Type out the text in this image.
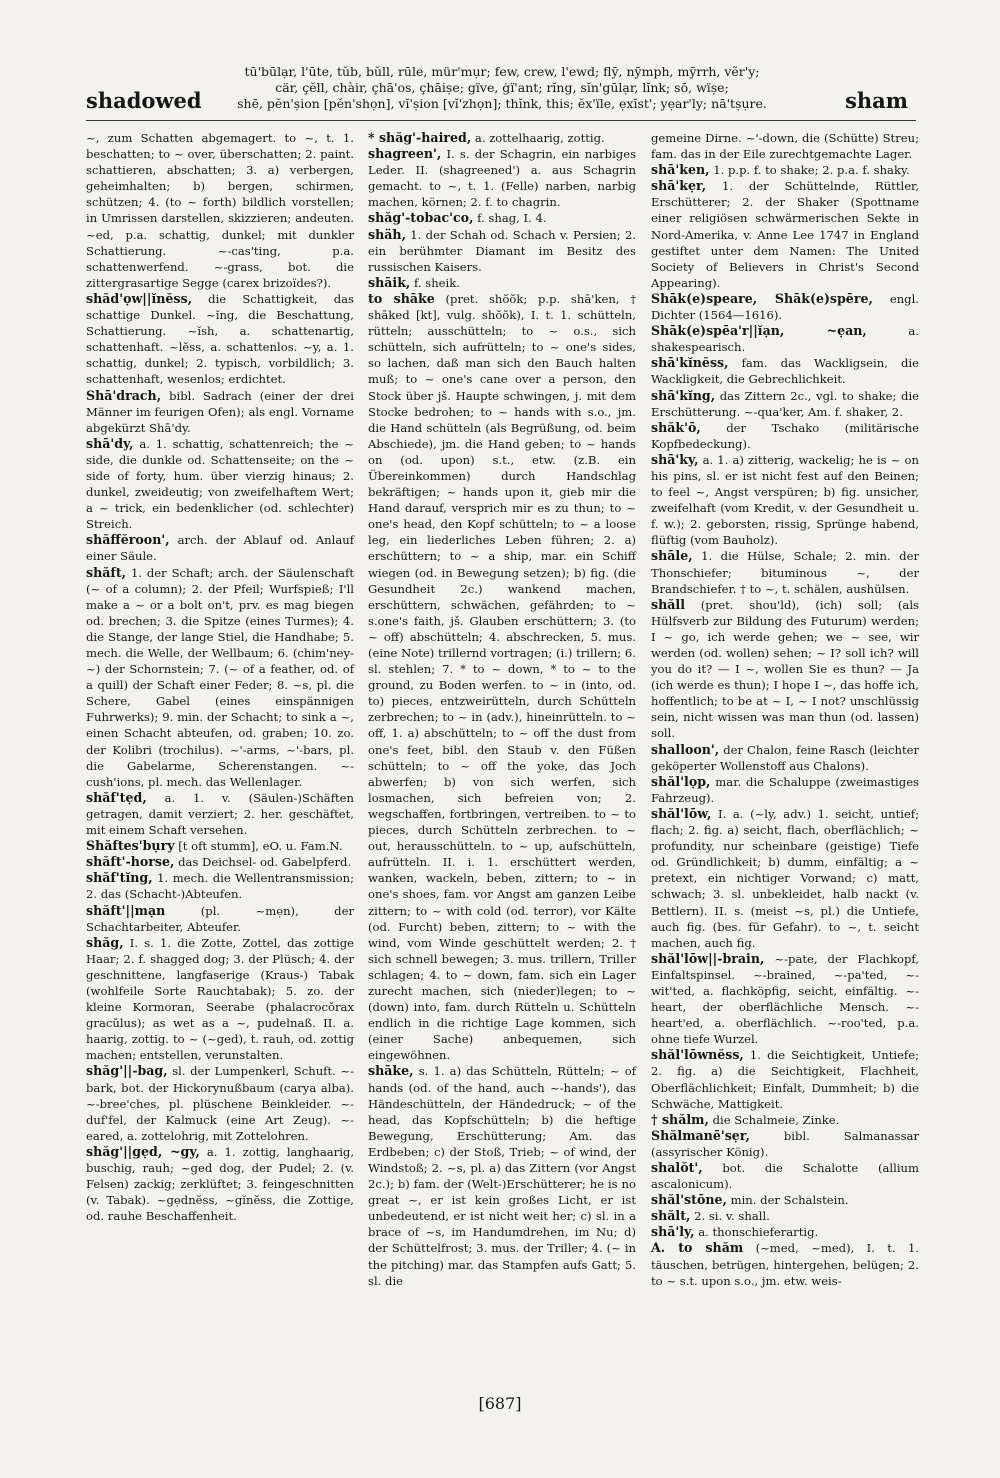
shadowed
tū'būlạr, l'ūte, tŭb, bŭll, rūle, mür'mụr; few, crew, l'ewd; flȳ, nȳmph, mȳrrh, vẽr'y;
cär, çĕll, chàir, çhā'os, çhāiṣe; gïve, ġï'ant; rĭng, sĭn'gūlạr, lĭnk; sō, wïṣe;
shē, pĕn'ṣion [pĕn'shọn], vĭ'ṣion [vĭ'zhọn]; thĭnk, this; ĕx'ïle, ẹxĭst'; yẹar'ly; nā'tṣụre.	sham

~, zum Schatten abgemagert. to ~, t. 1. beschatten; to ~ over, überschatten; 2. paint. schattieren, abschatten; 3. a) verbergen, geheimhalten; b) bergen, schirmen, schützen; 4. (to ~ forth) bildlich vorstellen; in Umrissen darstellen, skizzieren; andeuten. ~ed, p.a. schattig, dunkel; mit dunkler Schattierung. ~-cas'ting, p.a. schattenwerfend. ~-grass, bot. die zittergrasartige Segge (carex brizoïdes?).

shăd'ọw||ĭnĕss, die Schattigkeit, das schattige Dunkel. ~ĭng, die Beschattung, Schattierung. ~ĭsh, a. schattenartig, schattenhaft. ~lĕss, a. schattenlos. ~y, a. 1. schattig, dunkel; 2. typisch, vorbildlich; 3. schattenhaft, wesenlos; erdichtet.

Shā'drach, bibl. Sadrach (einer der drei Männer im feurigen Ofen); als engl. Vorname abgekürzt Shā'dy.

shā'dy, a. 1. schattig, schattenreich; the ~ side, die dunkle od. Schattenseite; on the ~ side of forty, hum. über vierzig hinaus; 2. dunkel, zweideutig; von zweifelhaftem Wert; a ~ trick, ein bedenklicher (od. schlechter) Streich.

shăffĕroon', arch. der Ablauf od. Anlauf einer Säule.

shăft, 1. der Schaft; arch. der Säulenschaft (~ of a column); 2. der Pfeil; Wurfspieß; I'll make a ~ or a bolt on't, prv. es mag biegen od. brechen; 3. die Spitze (eines Turmes); 4. die Stange, der lange Stiel, die Handhabe; 5. mech. die Welle, der Wellbaum; 6. (chim'ney-~) der Schornstein; 7. (~ of a feather, od. of a quill) der Schaft einer Feder; 8. ~s, pl. die Schere, Gabel (eines einspännigen Fuhrwerks); 9. min. der Schacht; to sink a ~, einen Schacht abteufen, od. graben; 10. zo. der Kolibri (trochilus). ~'-arms, ~'-bars, pl. die Gabelarme, Scherenstangen. ~-cush'ions, pl. mech. das Wellenlager.

shăf'tẹd, a. 1. v. (Säulen-)Schäften getragen, damit verziert; 2. her. geschäftet, mit einem Schaft versehen.

Shăftes'bụry [t oft stumm], eO. u. Fam.N.

shăft'-horse, das Deichsel- od. Gabelpferd.

shăf'tĭng, 1. mech. die Wellentransmission; 2. das (Schacht-)Abteufen.

shăft'||mạn	(pl. ~mẹn), der Schachtarbeiter, Abteufer.

shăg, I. s. 1. die Zotte, Zottel, das zottige Haar; 2. f. shagged dog; 3. der Plüsch; 4. der geschnittene, langfaserige (Kraus-) Tabak (wohlfeile Sorte Rauchtabak); 5. zo. der kleine Kormoran, Seerabe (phalacrocŏrax gracŭlus); as wet as a ~, pudelnaß. II. a. haarig, zottig. to ~ (~ged), t. rauh, od. zottig machen; entstellen, verunstalten.

shăg'||-bag, sl. der Lumpenkerl, Schuft. ~-bark, bot. der Hickorynußbaum (carya alba). ~-bree'ches, pl. plüschene Beinkleider. ~-duf'fel, der Kalmuck (eine Art Zeug). ~-eared, a. zottelohrig, mit Zottelohren.

shăg'||gẹd, ~gy, a. 1. zottig, langhaarig, buschig, rauh; ~ged dog, der Pudel; 2. (v. Felsen) zackig; zerklüftet; 3. feingeschnitten (v. Tabak). ~gẹdnĕss, ~gĭnĕss, die Zottige, od. rauhe Beschaffenheit.

* shăg'-haired, a. zottelhaarig, zottig.

shagreen', I. s. der Schagrin, ein narbiges Leder. II. (shagreened') a. aus Schagrin gemacht. to ~, t. 1. (Felle) narben, narbig machen, körnen; 2. f. to chagrin.

shăg'-tobac'co, f. shag, I. 4.

shäh, 1. der Schah od. Schach v. Persien; 2. ein berühmter Diamant im Besitz des russischen Kaisers.

shāik, f. sheik.

to shāke (pret. shŏŏk; p.p. shā'ken, † shāked [kt], vulg. shŏŏk), I. t. 1. schütteln, rütteln; ausschütteln; to ~ o.s., sich schütteln, sich aufrütteln; to ~ one's sides, so lachen, daß man sich den Bauch halten muß; to ~ one's cane over a person, den Stock über jš. Haupte schwingen, j. mit dem Stocke bedrohen; to ~ hands with s.o., jm. die Hand schütteln (als Begrüßung, od. beim Abschiede), jm. die Hand geben; to ~ hands on (od. upon) s.t., etw. (z.B. ein Übereinkommen) durch Handschlag bekräftigen; ~ hands upon it, gieb mir die Hand darauf, versprich mir es zu thun; to ~ one's head, den Kopf schütteln; to ~ a loose leg, ein liederliches Leben führen; 2. a) erschüttern; to ~ a ship, mar. ein Schiff wiegen (od. in Bewegung setzen); b) fig. (die Gesundheit 2c.) wankend machen, erschüttern, schwächen, gefährden; to ~ s.one's faith, jš. Glauben erschüttern; 3. (to ~ off) abschütteln; 4. abschrecken, 5. mus. (eine Note) trillernd vortragen; (i.) trillern; 6. sl. stehlen; 7. * to ~ down, * to ~ to the ground, zu Boden werfen. to ~ in (into, od. to) pieces, entzweirütteln, durch Schütteln zerbrechen; to ~ in (adv.), hineinrütteln. to ~ off, 1. a) abschütteln; to ~ off the dust from one's feet, bibl. den Staub v. den Füßen schütteln; to ~ off the yoke, das Joch abwerfen; b) von sich werfen, sich losmachen, sich befreien von; 2. wegschaffen, fortbringen, vertreiben. to ~ to pieces, durch Schütteln zerbrechen. to ~ out, herausschütteln. to ~ up, aufschütteln, aufrütteln. II. i. 1. erschüttert werden, wanken, wackeln, beben, zittern; to ~ in one's shoes, fam. vor Angst am ganzen Leibe zittern; to ~ with cold (od. terror), vor Kälte (od. Furcht) beben, zittern; to ~ with the wind, vom Winde geschüttelt werden; 2. † sich schnell bewegen; 3. mus. trillern, Triller schlagen; 4. to ~ down, fam. sich ein Lager zurecht machen, sich (nieder)legen; to ~ (down) into, fam. durch Rütteln u. Schütteln endlich in die richtige Lage kommen, sich (einer Sache) anbequemen, sich eingewöhnen.

shāke, s. 1. a) das Schütteln, Rütteln; ~ of hands (od. of the hand, auch ~-hands'), das Händeschütteln, der Händedruck; ~ of the head, das Kopfschütteln; b) die heftige Bewegung, Erschütterung; Am. das Erdbeben; c) der Stoß, Trieb; ~ of wind, der Windstoß; 2. ~s, pl. a) das Zittern (vor Angst 2c.); b) fam. der (Welt-)Erschütterer; he is no great ~, er ist kein großes Licht, er ist unbedeutend, er ist nicht weit her; c) sl. in a brace of ~s, im Handumdrehen, im Nu; d) der Schüttelfrost; 3. mus. der Triller; 4. (~ in the pitching) mar. das Stampfen aufs Gatt; 5. sl. die

gemeine Dirne. ~'-down, die (Schütte) Streu; fam. das in der Eile zurechtgemachte Lager.

shā'ken, 1. p.p. f. to shake; 2. p.a. f. shaky.

shā'kẹr, 1. der Schüttelnde, Rüttler, Erschütterer; 2. der Shaker (Spottname einer religiösen schwärmerischen Sekte in Nord-Amerika, v. Anne Lee 1747 in England gestiftet unter dem Namen: The United Society of Believers in Christ's Second Appearing).

Shāk(e)speare, Shāk(e)spēre, engl. Dichter (1564—1616).

Shāk(e)spēa'r||ĭạn, ~ẹan,	a. shakespearisch.

shā'kĭnĕss, fam. das Wackligsein, die Wackligkeit, die Gebrechlichkeit.

shā'kĭng, das Zittern 2c., vgl. to shake; die Erschütterung. ~-qua'ker, Am. f. shaker, 2.

shăk'ō, der Tschako (militärische Kopfbedeckung).

shā'ky, a. 1. a) zitterig, wackelig; he is ~ on his pins, sl. er ist nicht fest auf den Beinen; to feel ~, Angst verspüren; b) fig. unsicher, zweifelhaft (vom Kredit, v. der Gesundheit u. f. w.); 2. geborsten, rissig, Sprünge habend, flüftig (vom Bauholz).

shāle, 1. die Hülse, Schale; 2. min. der Thonschiefer; bituminous ~, der Brandschiefer. † to ~, t. schälen, aushülsen.

shăll (pret. shou'ld), (ich) soll; (als Hülfsverb zur Bildung des Futurum) werden; I ~ go, ich werde gehen; we ~ see, wir werden (od. wollen) sehen; ~ I? soll ich? will you do it? — I ~, wollen Sie es thun? — Ja (ich werde es thun); I hope I ~, das hoffe ich, hoffentlich; to be at ~ I, ~ I not? unschlüssig sein, nicht wissen was man thun (od. lassen) soll.

shalloon', der Chalon, feine Rasch (leichter geköperter Wollenstoff aus Chalons).

shăl'lọp, mar. die Schaluppe (zweimastiges Fahrzeug).

shăl'lōw, I. a. (~ly, adv.) 1. seicht, untief; flach; 2. fig. a) seicht, flach, oberflächlich; ~ profundity, nur scheinbare (geistige) Tiefe od. Gründlichkeit; b) dumm, einfältig; a ~ pretext, ein nichtiger Vorwand; c) matt, schwach; 3. sl. unbekleidet, halb nackt (v. Bettlern). II. s. (meist ~s, pl.) die Untiefe, auch fig. (bes. für Gefahr). to ~, t. seicht machen, auch fig.

shăl'lōw||-brain, ~-pate, der Flachkopf, Einfaltspinsel. ~-brained, ~-pa'ted, ~-wit'ted, a. flachköpfig, seicht, einfältig. ~-heart, der oberflächliche Mensch. ~-heart'ed, a. oberflächlich. ~-roo'ted, p.a. ohne tiefe Wurzel.

shăl'lōwnĕss, 1. die Seichtigkeit, Untiefe; 2. fig. a) die Seichtigkeit, Flachheit, Oberflächlichkeit; Einfalt, Dummheit; b) die Schwäche, Mattigkeit.

† shălm, die Schalmeie, Zinke.

Shălmanē'sẹr,	bibl. Salmanassar (assyrischer König).

shalŏt', bot. die Schalotte (allium ascalonicum).

shăl'stōne, min. der Schalstein.

shălt, 2. si. v. shall.

shā'ly, a. thonschieferartig.

A. to shăm (~med, ~med), I. t. 1. täuschen, betrügen, hintergehen, belügen; 2. to ~ s.t. upon s.o., jm. etw. weis-

[687]
